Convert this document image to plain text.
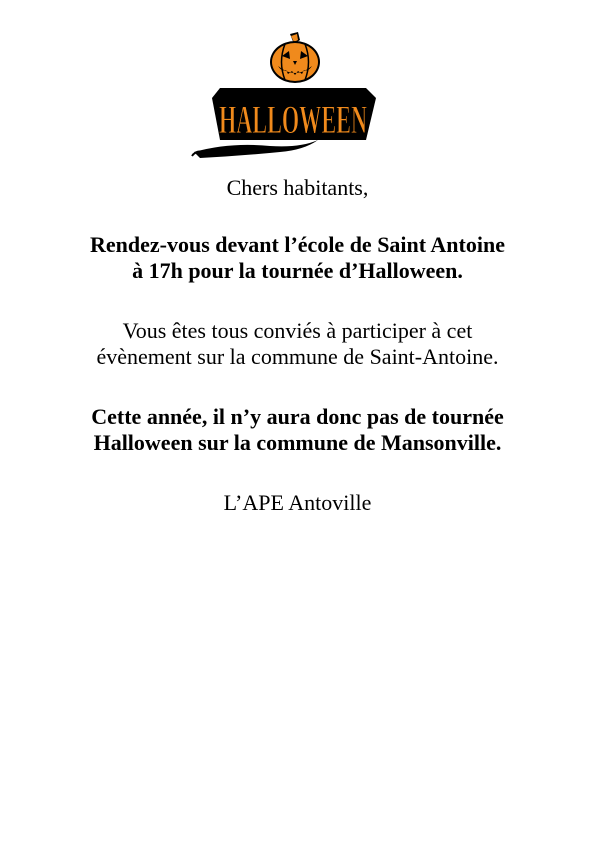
HALLOWEEN

Chers habitants,

Rendez-vous devant l’école de Saint Antoine
à 17h pour la tournée d’Halloween.

Vous êtes tous conviés à participer à cet
évènement sur la commune de Saint-Antoine.

Cette année, il n’y aura donc pas de tournée
Halloween sur la commune de Mansonville.

L’APE Antoville
